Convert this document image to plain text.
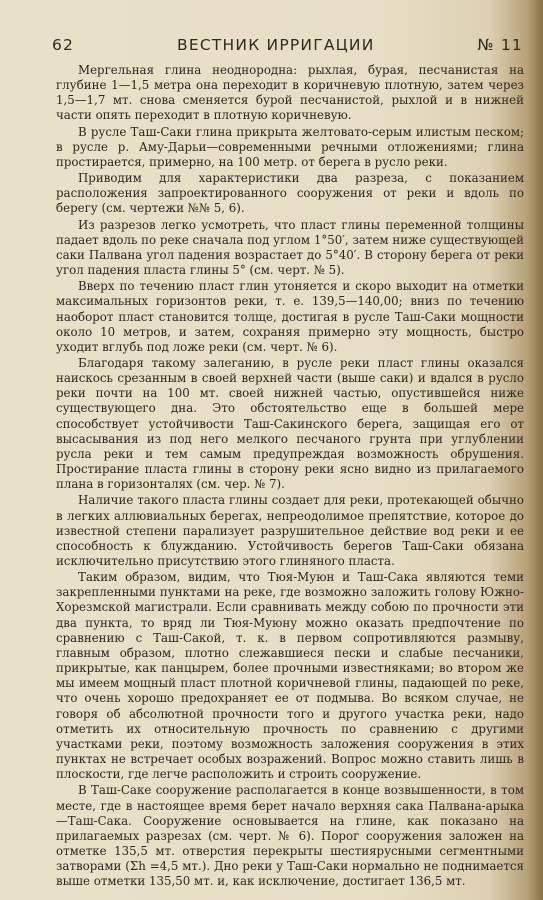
62	ВЕСТНИК ИРРИГАЦИИ	№ 11

Мергельная глина неоднородна: рыхлая, бурая, песчанистая на глубине 1—1,5 метра она переходит в коричневую плотную, затем через 1,5—1,7 мт. снова сменяется бурой песчанистой, рыхлой и в нижней части опять переходит в плотную коричневую.

В русле Таш-Саки глина прикрыта желтовато-серым илистым песком; в русле р. Аму-Дарьи—современными речными отложениями; глина простирается, примерно, на 100 метр. от берега в русло реки.

Приводим для характеристики два разреза, с показанием расположения запроектированного сооружения от реки и вдоль по берегу (см. чертежи №№ 5, 6).

Из разрезов легко усмотреть, что пласт глины переменной толщины падает вдоль по реке сначала под углом 1°50′, затем ниже существующей саки Палвана угол падения возрастает до 5°40′. В сторону берега от реки угол падения пласта глины 5° (см. черт. № 5).

Вверх по течению пласт глин утоняется и скоро выходит на отметки максимальных горизонтов реки, т. е. 139,5—140,00; вниз по течению наоборот пласт становится толще, достигая в русле Таш-Саки мощности около 10 метров, и затем, сохраняя примерно эту мощность, быстро уходит вглубь под ложе реки (см. черт. № 6).

Благодаря такому залеганию, в русле реки пласт глины оказался наискось срезанным в своей верхней части (выше саки) и вдался в русло реки почти на 100 мт. своей нижней частью, опустившейся ниже существующего дна. Это обстоятельство еще в большей мере способствует устойчивости Таш-Сакинского берега, защищая его от высасывания из под него мелкого песчаного грунта при углублении русла реки и тем самым предупреждая возможность обрушения. Простирание пласта глины в сторону реки ясно видно из прилагаемого плана в горизонталях (см. чер. № 7).

Наличие такого пласта глины создает для реки, протекающей обычно в легких аллювиальных берегах, непреодолимое препятствие, которое до известной степени парализует разрушительное действие вод реки и ее способность к блужданию. Устойчивость берегов Таш-Саки обязана исключительно присутствию этого глиняного пласта.

Таким образом, видим, что Тюя-Муюн и Таш-Сака являются теми закрепленными пунктами на реке, где возможно заложить голову Южно-Хорезмской магистрали. Если сравнивать между собою по прочности эти два пункта, то вряд ли Тюя-Муюну можно оказать предпочтение по сравнению с Таш-Сакой, т. к. в первом сопротивляются размыву, главным образом, плотно слежавшиеся пески и слабые песчаники, прикрытые, как панцырем, более прочными известняками; во втором же мы имеем мощный пласт плотной коричневой глины, падающей по реке, что очень хорошо предохраняет ее от подмыва. Во всяком случае, не говоря об абсолютной прочности того и другого участка реки, надо отметить их относительную прочность по сравнению с другими участками реки, поэтому возможность заложения сооружения в этих пунктах не встречает особых возражений. Вопрос можно ставить лишь в плоскости, где легче расположить и строить сооружение.

В Таш-Саке сооружение располагается в конце возвышенности, в том месте, где в настоящее время берет начало верхняя сака Палвана-арыка—Таш-Сака. Сооружение основывается на глине, как показано на прилагаемых разрезах (см. черт. № 6). Порог сооружения заложен на отметке 135,5 мт. отверстия перекрыты шестиярусными сегментными затворами (Σh =4,5 мт.). Дно реки у Таш-Саки нормально не поднимается выше отметки 135,50 мт. и, как исключение, достигает 136,5 мт.
